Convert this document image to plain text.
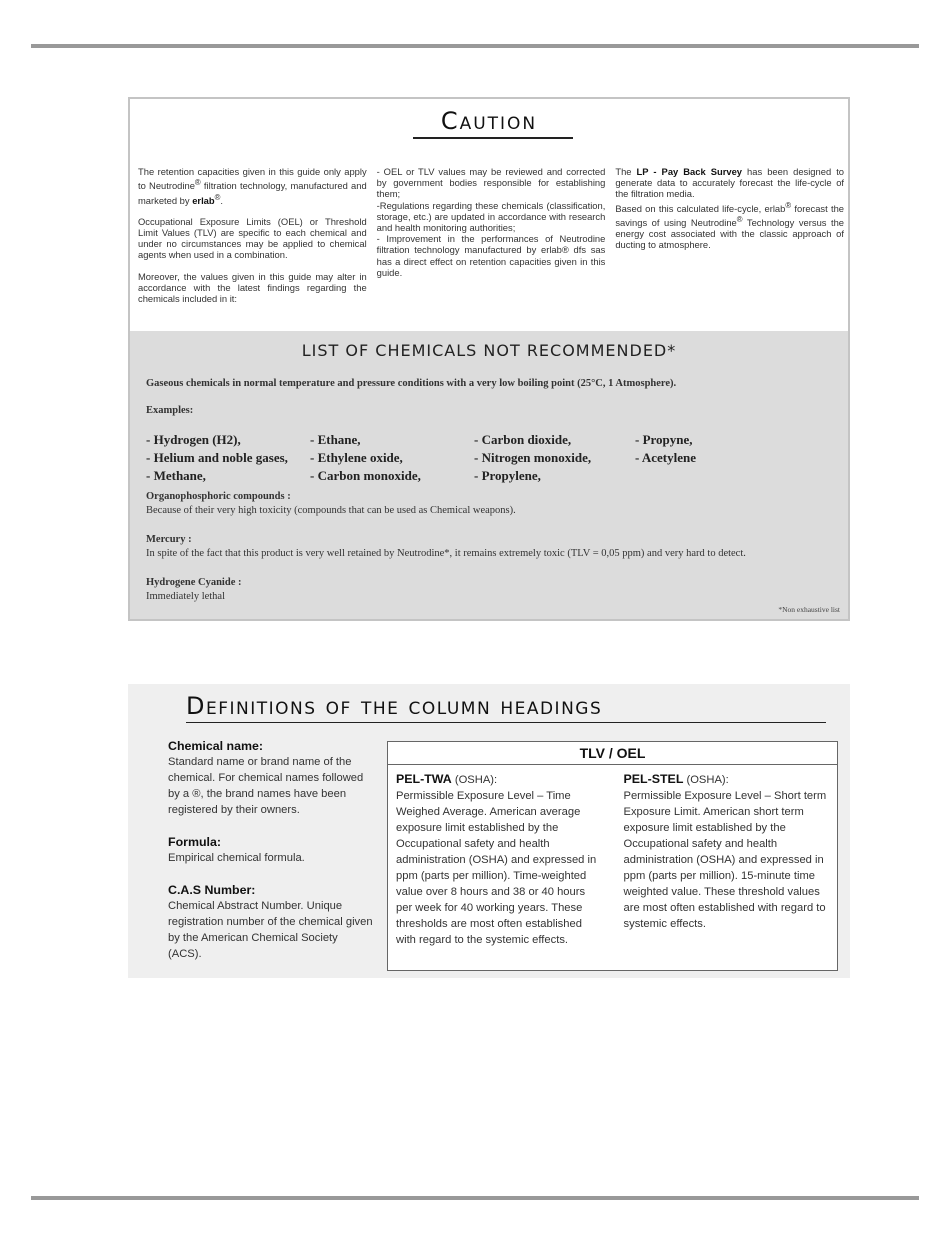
Caution

The retention capacities given in this guide only apply to Neutrodine® filtration technology, manufactured and marketed by erlab®.

Occupational Exposure Limits (OEL) or Threshold Limit Values (TLV) are specific to each chemical and under no circumstances may be applied to chemical agents when used in a combination.

Moreover, the values given in this guide may alter in accordance with the latest findings regarding the chemicals included in it:

- OEL or TLV values may be reviewed and corrected by government bodies responsible for establishing them;

-Regulations regarding these chemicals (classification, storage, etc.) are updated in accordance with research and health monitoring authorities;

- Improvement in the performances of Neutrodine filtration technology manufactured by erlab® dfs sas has a direct effect on retention capacities given in this guide.

The LP - Pay Back Survey has been designed to generate data to accurately forecast the life-cycle of the filtration media.

Based on this calculated life-cycle, erlab® forecast the savings of using Neutrodine® Technology versus the energy cost associated with the classic approach of ducting to atmosphere.

LIST OF CHEMICALS NOT RECOMMENDED*
Gaseous chemicals in normal temperature and pressure conditions with a very low boiling point (25°C, 1 Atmosphere).
Examples:
- Hydrogen (H2),	- Ethane,	- Carbon dioxide,	- Propyne,
- Helium and noble gases,	- Ethylene oxide,	- Nitrogen monoxide,	- Acetylene
- Methane,	- Carbon monoxide,	- Propylene,
Organophosphoric compounds :
Because of their very high toxicity (compounds that can be used as Chemical weapons).
Mercury :
In spite of the fact that this product is very well retained by Neutrodine*, it remains extremely toxic (TLV = 0,05 ppm) and very hard to detect.
Hydrogene Cyanide :
Immediately lethal
*Non exhaustive list
Definitions of the column headings
Chemical name:
Standard name or brand name of the chemical. For chemical names followed by a ®, the brand names have been registered by their owners.
Formula:
Empirical chemical formula.
C.A.S Number:
Chemical Abstract Number. Unique registration number of the chemical given by the American Chemical Society (ACS).
TLV / OEL
PEL-TWA (OSHA):
Permissible Exposure Level – Time Weighed Average. American average exposure limit established by the Occupational safety and health administration (OSHA) and expressed in ppm (parts per million). Time-weighted value over 8 hours and 38 or 40 hours per week for 40 working years. These thresholds are most often established with regard to the systemic effects.
PEL-STEL (OSHA):
Permissible Exposure Level – Short term Exposure Limit. American short term exposure limit established by the Occupational safety and health administration (OSHA) and expressed in ppm (parts per million). 15-minute time weighted value. These threshold values are most often established with regard to systemic effects.
